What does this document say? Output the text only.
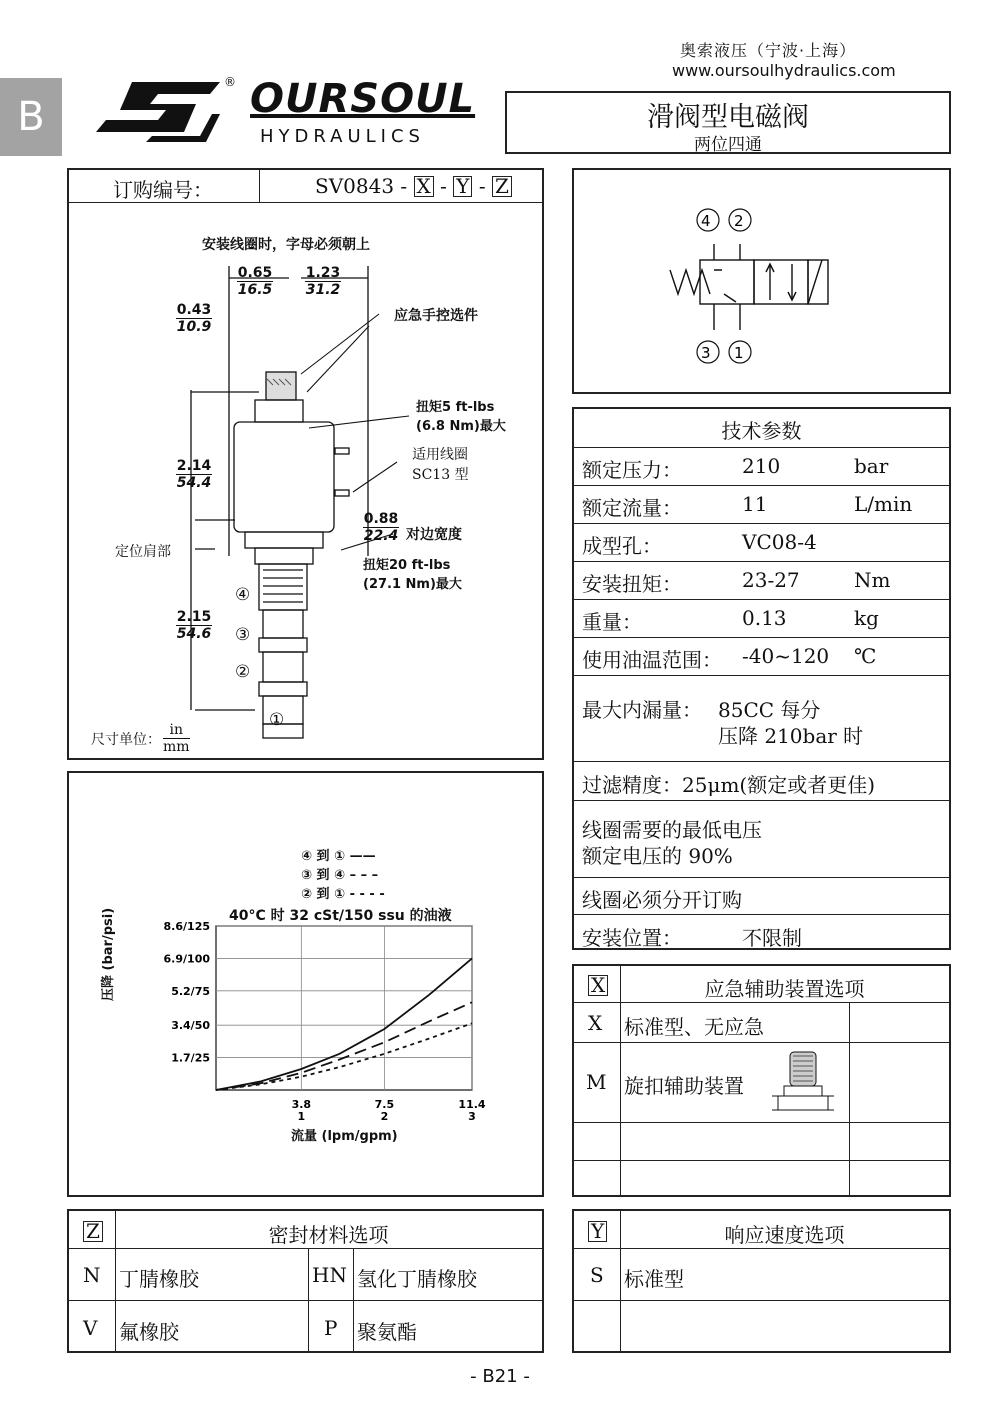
B
奥索液压（宁波·上海）
www.oursoulhydraulics.com
® OURSOUL
HYDRAULICS
滑阀型电磁阀
两位四通
订购编号：	SV0843 - X - Y - Z
安装线圈时，字母必须朝上
0.65
16.5
1.23
31.2
0.43
10.9
2.14
54.4
0.88
22.4
2.15
54.6
应急手控选件
扭矩5 ft-lbs
(6.8 Nm)最大
适用线圈
SC13 型
对边宽度
扭矩20 ft-lbs
(27.1 Nm)最大
定位肩部
④
③
②
①
尺寸单位：
in
mm
4 2
3 1
技术参数
最大内漏量： 85CC 每分
压降 210bar 时
过滤精度：25μm(额定或者更佳)
线圈需要的最低电压
额定电压的 90%
线圈必须分开订购
安装位置：	不限制
额定压力：	210	bar
额定流量：	11	L/min
成型孔：	VC08-4
安装扭矩：	23-27	Nm
重量：	0.13	kg
使用油温范围： -40~120 ℃
④ 到 ① ——
③ 到 ④ – – –
② 到 ① - - - -
40°C 时 32 cSt/150 ssu 的油液
3.8
1
7.5
2
11.4
3
1.7/25
3.4/50
5.2/75
6.9/100
8.6/125
流量 (lpm/gpm)
压降 (bar/psi)	X	应急辅助装置选项
X 标准型、无应急
M 旋扣辅助装置
Z	密封材料选项
N 丁腈橡胶	HN 氢化丁腈橡胶
V 氟橡胶	P 聚氨酯
Y	响应速度选项
S 标准型
- B21 -
